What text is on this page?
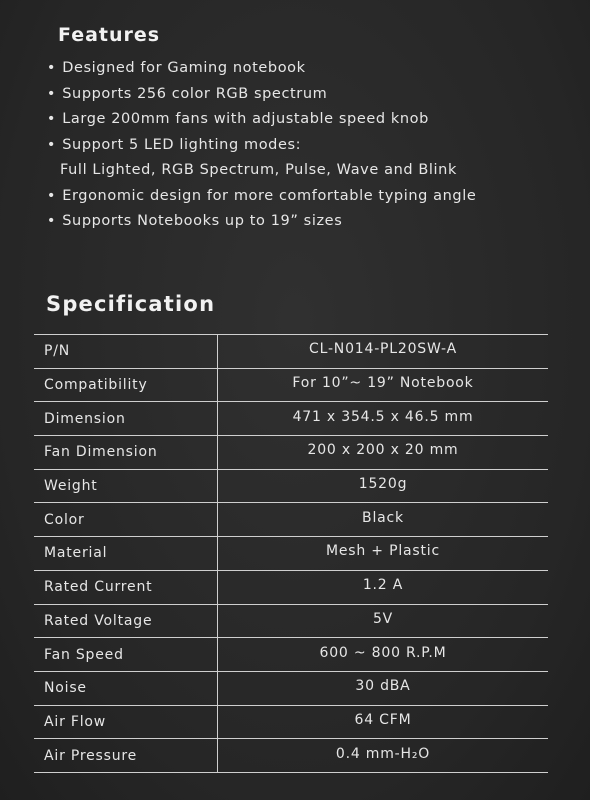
Features
• Designed for Gaming notebook
• Supports 256 color RGB spectrum
• Large 200mm fans with adjustable speed knob
• Support 5 LED lighting modes:
Full Lighted, RGB Spectrum, Pulse, Wave and Blink
• Ergonomic design for more comfortable typing angle
• Supports Notebooks up to 19” sizes
Specification
P/N	CL-N014-PL20SW-A
Compatibility	For 10”~ 19” Notebook
Dimension	471 x 354.5 x 46.5 mm
Fan Dimension	200 x 200 x 20 mm
Weight	1520g
Color	Black
Material	Mesh + Plastic
Rated Current	1.2 A
Rated Voltage	5V
Fan Speed	600 ~ 800 R.P.M
Noise	30 dBA
Air Flow	64 CFM
Air Pressure	0.4 mm-H₂O
